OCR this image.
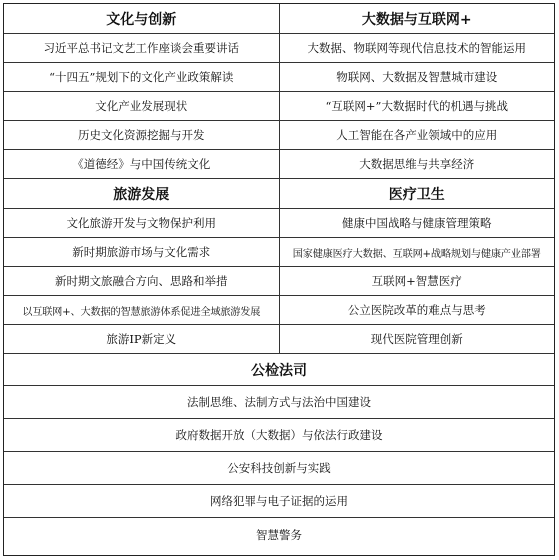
文化与创新	大数据与互联网+
习近平总书记文艺工作座谈会重要讲话	大数据、物联网等现代信息技术的智能运用
“十四五”规划下的文化产业政策解读	物联网、大数据及智慧城市建设
文化产业发展现状	“互联网+”大数据时代的机遇与挑战
历史文化资源挖掘与开发	人工智能在各产业领域中的应用
《道德经》与中国传统文化	大数据思维与共享经济
旅游发展	医疗卫生
文化旅游开发与文物保护利用	健康中国战略与健康管理策略
新时期旅游市场与文化需求	国家健康医疗大数据、互联网+战略规划与健康产业部署
新时期文旅融合方向、思路和举措	互联网+智慧医疗
以互联网+、大数据的智慧旅游体系促进全域旅游发展	公立医院改革的难点与思考
旅游IP新定义	现代医院管理创新
公检法司
法制思维、法制方式与法治中国建设
政府数据开放（大数据）与依法行政建设
公安科技创新与实践
网络犯罪与电子证据的运用
智慧警务
